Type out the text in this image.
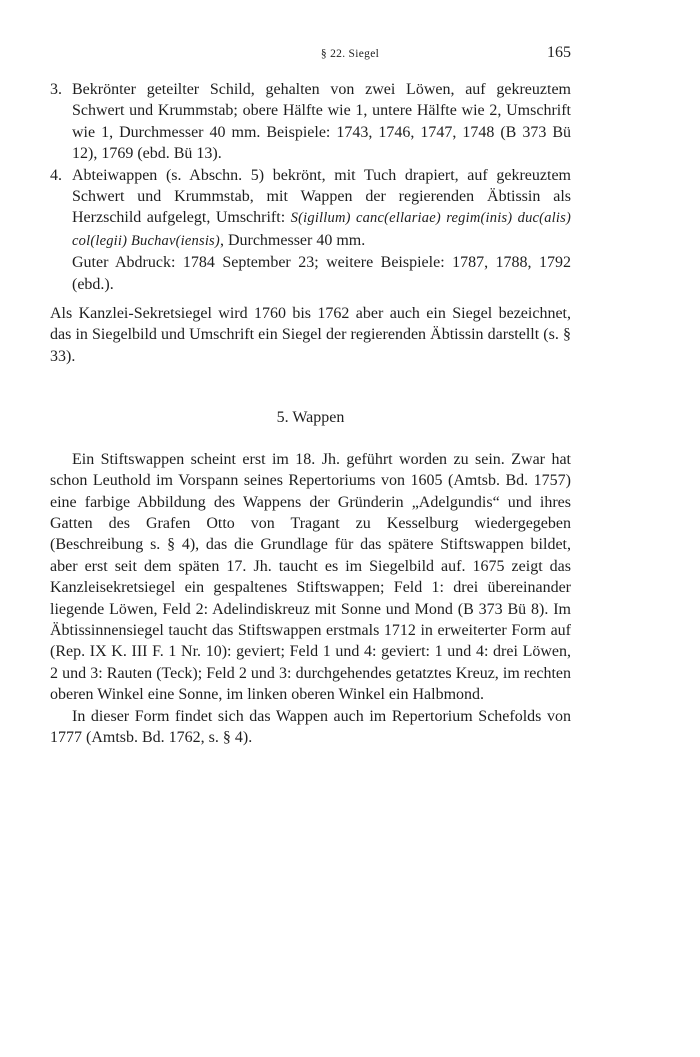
§ 22. Siegel	165
3. Bekrönter geteilter Schild, gehalten von zwei Löwen, auf gekreuztem Schwert und Krummstab; obere Hälfte wie 1, untere Hälfte wie 2, Umschrift wie 1, Durchmesser 40 mm. Beispiele: 1743, 1746, 1747, 1748 (B 373 Bü 12), 1769 (ebd. Bü 13).

4. Abteiwappen (s. Abschn. 5) bekrönt, mit Tuch drapiert, auf gekreuztem Schwert und Krummstab, mit Wappen der regierenden Äbtissin als Herzschild aufgelegt, Umschrift: S(igillum) canc(ellariae) regim(inis) duc(alis) col(legii) Buchav(iensis), Durchmesser 40 mm.

Guter Abdruck: 1784 September 23; weitere Beispiele: 1787, 1788, 1792 (ebd.).

Als Kanzlei-Sekretsiegel wird 1760 bis 1762 aber auch ein Siegel bezeichnet, das in Siegelbild und Umschrift ein Siegel der regierenden Äbtissin darstellt (s. § 33).

5. Wappen

Ein Stiftswappen scheint erst im 18. Jh. geführt worden zu sein. Zwar hat schon Leuthold im Vorspann seines Repertoriums von 1605 (Amtsb. Bd. 1757) eine farbige Abbildung des Wappens der Gründerin „Adelgundis“ und ihres Gatten des Grafen Otto von Tragant zu Kesselburg wiedergegeben (Beschreibung s. § 4), das die Grundlage für das spätere Stiftswappen bildet, aber erst seit dem späten 17. Jh. taucht es im Siegelbild auf. 1675 zeigt das Kanzleisekretsiegel ein gespaltenes Stiftswappen; Feld 1: drei übereinander liegende Löwen, Feld 2: Adelindiskreuz mit Sonne und Mond (B 373 Bü 8). Im Äbtissinnensiegel taucht das Stiftswappen erstmals 1712 in erweiterter Form auf (Rep. IX K. III F. 1 Nr. 10): geviert; Feld 1 und 4: geviert: 1 und 4: drei Löwen, 2 und 3: Rauten (Teck); Feld 2 und 3: durchgehendes getatztes Kreuz, im rechten oberen Winkel eine Sonne, im linken oberen Winkel ein Halbmond.

In dieser Form findet sich das Wappen auch im Repertorium Schefolds von 1777 (Amtsb. Bd. 1762, s. § 4).
